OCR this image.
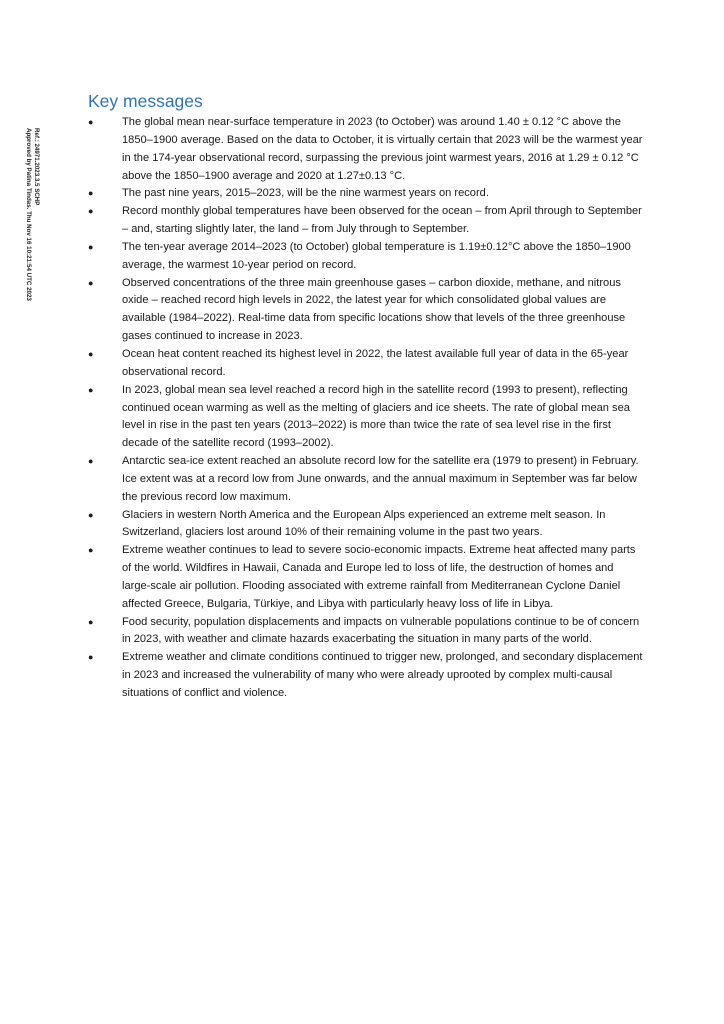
Ref.: 24971.2023.3.5 SCHP
Approved by Patina Tindas. Thu Nov 16 10:21:54 UTC 2023
Key messages
●	The global mean near-surface temperature in 2023 (to October) was around 1.40 ± 0.12 °C above the 1850–1900 average. Based on the data to October, it is virtually certain that 2023 will be the warmest year in the 174-year observational record, surpassing the previous joint warmest years, 2016 at 1.29 ± 0.12 °C above the 1850–1900 average and 2020 at 1.27±0.13 °C.
●	The past nine years, 2015–2023, will be the nine warmest years on record.
●	Record monthly global temperatures have been observed for the ocean – from April through to September – and, starting slightly later, the land – from July through to September.
●	The ten-year average 2014–2023 (to October) global temperature is 1.19±0.12°C above the 1850–1900 average, the warmest 10-year period on record.
●	Observed concentrations of the three main greenhouse gases – carbon dioxide, methane, and nitrous oxide – reached record high levels in 2022, the latest year for which consolidated global values are available (1984–2022). Real-time data from specific locations show that levels of the three greenhouse gases continued to increase in 2023.
●	Ocean heat content reached its highest level in 2022, the latest available full year of data in the 65-year observational record.
●	In 2023, global mean sea level reached a record high in the satellite record (1993 to present), reflecting continued ocean warming as well as the melting of glaciers and ice sheets. The rate of global mean sea level in rise in the past ten years (2013–2022) is more than twice the rate of sea level rise in the first decade of the satellite record (1993–2002).
●	Antarctic sea-ice extent reached an absolute record low for the satellite era (1979 to present) in February. Ice extent was at a record low from June onwards, and the annual maximum in September was far below the previous record low maximum.
●	Glaciers in western North America and the European Alps experienced an extreme melt season. In Switzerland, glaciers lost around 10% of their remaining volume in the past two years.
●	Extreme weather continues to lead to severe socio-economic impacts. Extreme heat affected many parts of the world. Wildfires in Hawaii, Canada and Europe led to loss of life, the destruction of homes and large-scale air pollution. Flooding associated with extreme rainfall from Mediterranean Cyclone Daniel affected Greece, Bulgaria, Türkiye, and Libya with particularly heavy loss of life in Libya.
●	Food security, population displacements and impacts on vulnerable populations continue to be of concern in 2023, with weather and climate hazards exacerbating the situation in many parts of the world.
●	Extreme weather and climate conditions continued to trigger new, prolonged, and secondary displacement in 2023 and increased the vulnerability of many who were already uprooted by complex multi-causal situations of conflict and violence.
